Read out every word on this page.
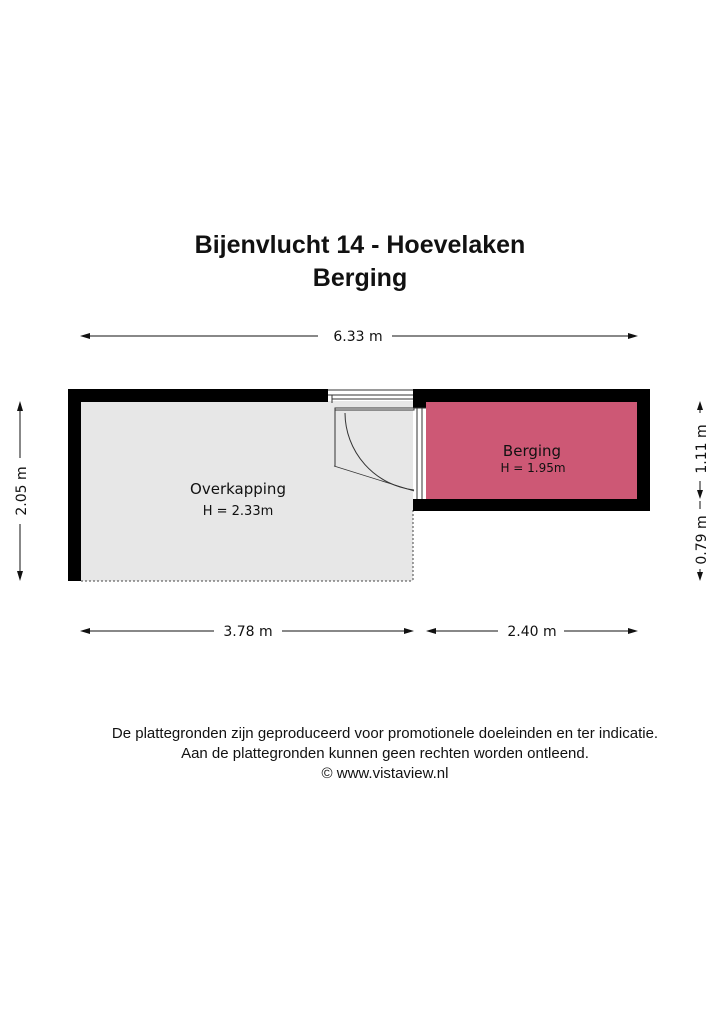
Bijenvlucht 14 - Hoevelaken
Berging
Overkapping
H = 2.33m
Berging
H = 1.95m
6.33 m
2.05 m
1.11 m
0.79 m
3.78 m	2.40 m
De plattegronden zijn geproduceerd voor promotionele doeleinden en ter indicatie.
Aan de plattegronden kunnen geen rechten worden ontleend.
© www.vistaview.nl
